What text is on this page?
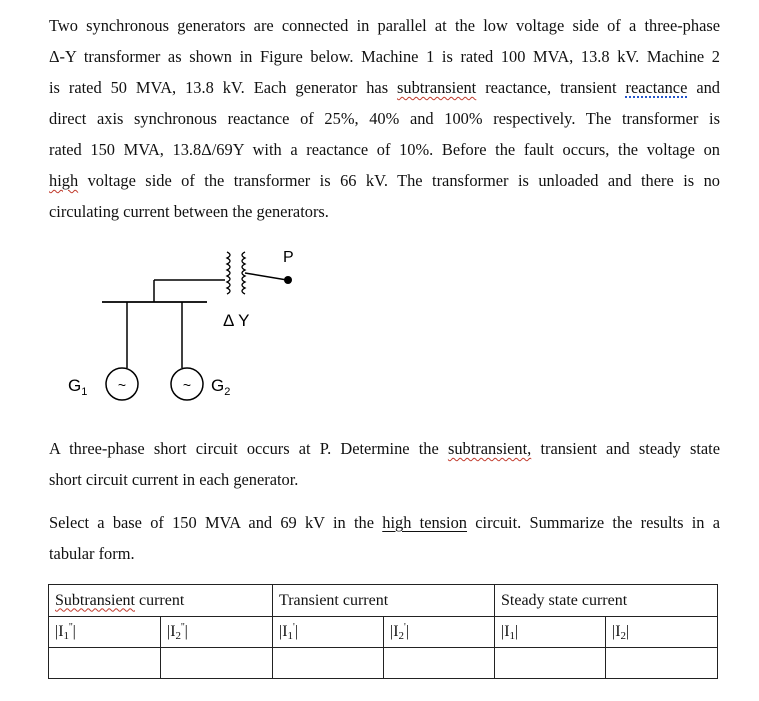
Two synchronous generators are connected in parallel at the low voltage side of a three-phase
Δ-Y transformer as shown in Figure below. Machine 1 is rated 100 MVA, 13.8 kV. Machine 2
is rated 50 MVA, 13.8 kV. Each generator has subtransient reactance, transient reactance and
direct axis synchronous reactance of 25%, 40% and 100% respectively. The transformer is
rated 150 MVA, 13.8Δ/69Y with a reactance of 10%. Before the fault occurs, the voltage on
high voltage side of the transformer is 66 kV. The transformer is unloaded and there is no
circulating current between the generators.
~	~
$G_1$	$G_2$
P
Δ Y
A three-phase short circuit occurs at P. Determine the subtransient, transient and steady state
short circuit current in each generator.
Select a base of 150 MVA and 69 kV in the high tension circuit. Summarize the results in a
tabular form.
Subtransient current		Transient current		Steady state current	
$|I_1''|$	$|I_2''|$	$|I_1'|$	$|I_2'|$	$|I_1|$	$|I_2|$
